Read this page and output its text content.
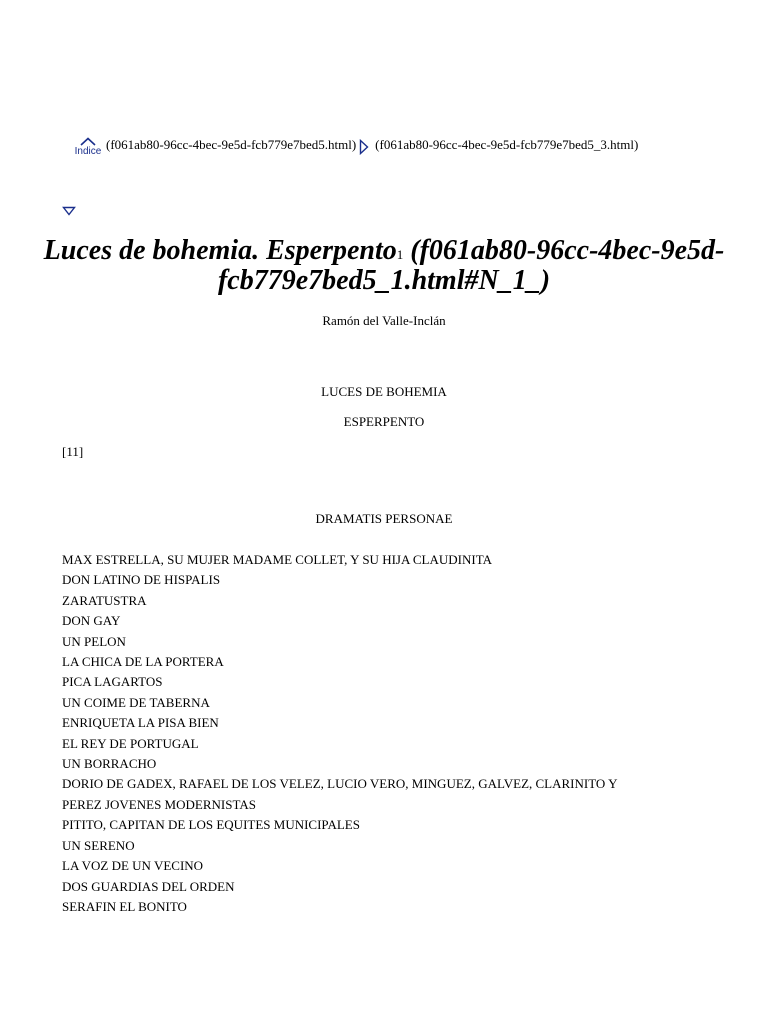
Indice (f061ab80-96cc-4bec-9e5d-fcb779e7bed5.html) (f061ab80-96cc-4bec-9e5d-fcb779e7bed5_3.html)
Luces de bohemia. Esperpento$^1$ (f061ab80-96cc-4bec-9e5d-fcb779e7bed5_1.html#N_1_)
Ramón del Valle-Inclán
LUCES DE BOHEMIA
ESPERPENTO
[11]
DRAMATIS PERSONAE
MAX ESTRELLA, SU MUJER MADAME COLLET, Y SU HIJA CLAUDINITA
DON LATINO DE HISPALIS
ZARATUSTRA
DON GAY
UN PELON
LA CHICA DE LA PORTERA
PICA LAGARTOS
UN COIME DE TABERNA
ENRIQUETA LA PISA BIEN
EL REY DE PORTUGAL
UN BORRACHO
DORIO DE GADEX, RAFAEL DE LOS VELEZ, LUCIO VERO, MINGUEZ, GALVEZ, CLARINITO Y
PEREZ JOVENES MODERNISTAS
PITITO, CAPITAN DE LOS EQUITES MUNICIPALES
UN SERENO
LA VOZ DE UN VECINO
DOS GUARDIAS DEL ORDEN
SERAFIN EL BONITO
